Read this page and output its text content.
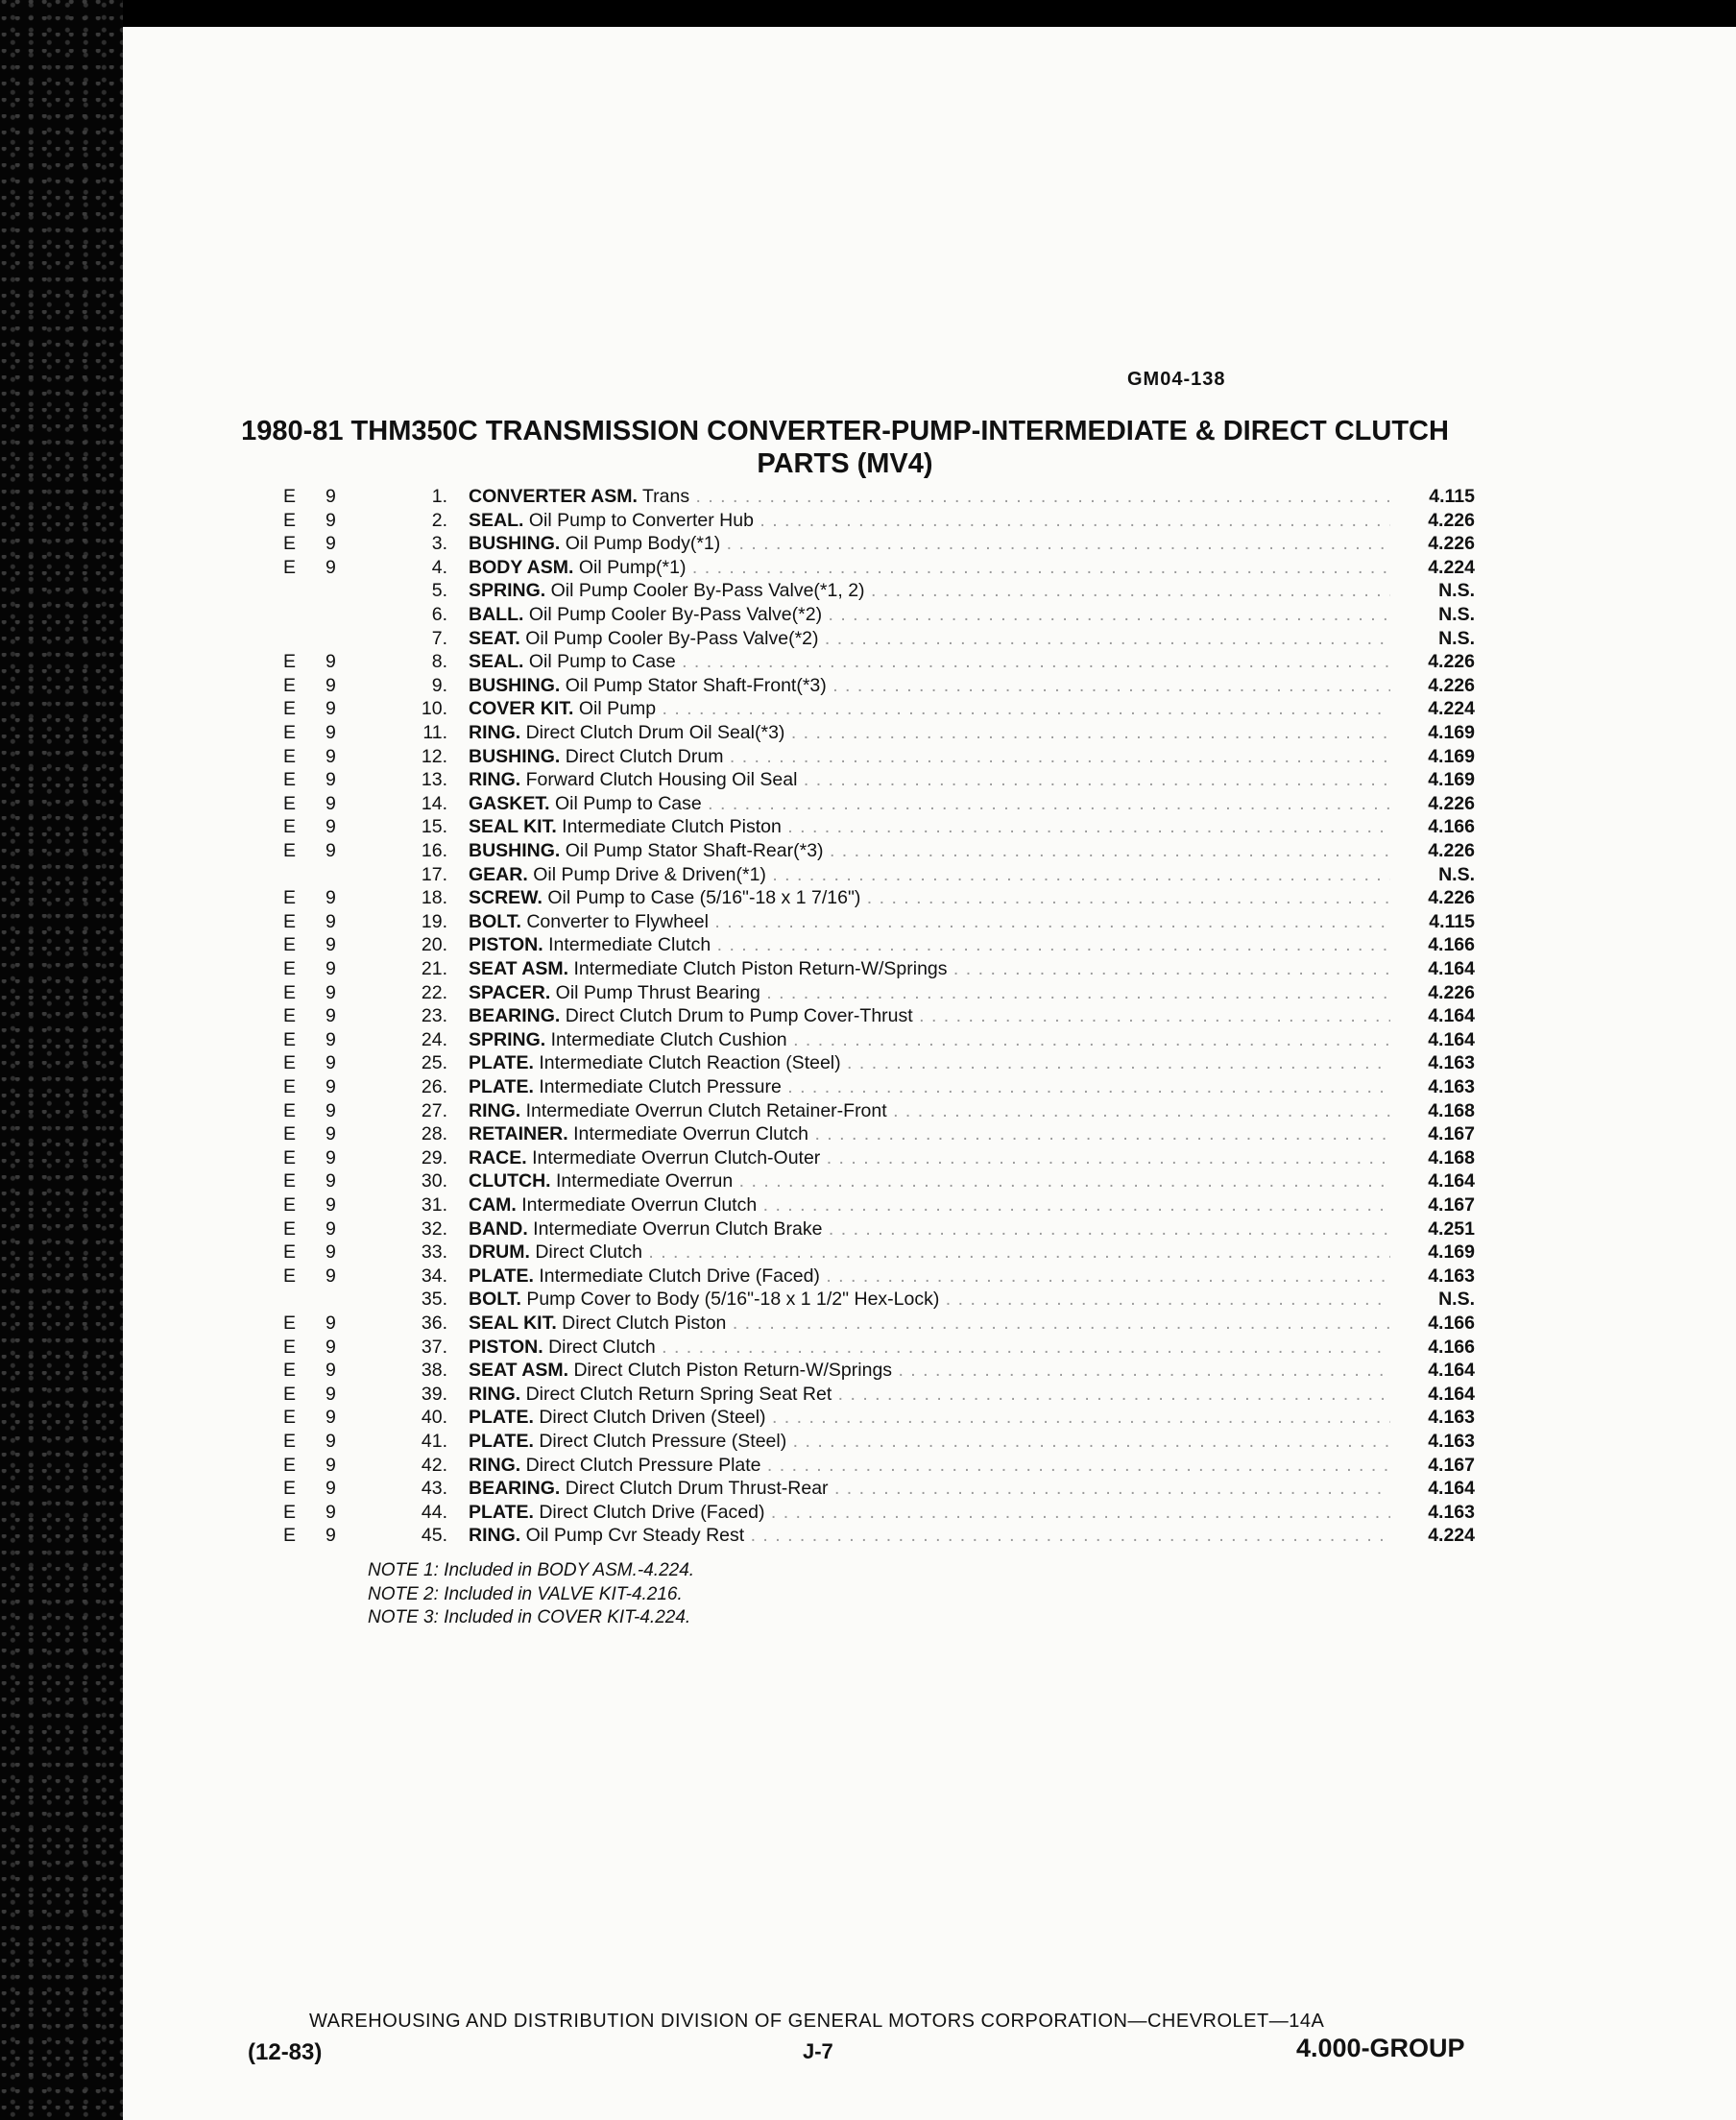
GM04-138
1980-81 THM350C TRANSMISSION CONVERTER-PUMP-INTERMEDIATE & DIRECT CLUTCH
PARTS (MV4)
E 9	1. CONVERTER ASM. Trans . . .	4.115
E 9	2. SEAL. Oil Pump to Converter Hub . . .	4.226
E 9	3. BUSHING. Oil Pump Body(*1) . . .	4.226
E 9	4. BODY ASM. Oil Pump(*1) . . .	4.224
5. SPRING. Oil Pump Cooler By-Pass Valve(*1, 2) . . .	N.S.
6. BALL. Oil Pump Cooler By-Pass Valve(*2) . . .	N.S.
7. SEAT. Oil Pump Cooler By-Pass Valve(*2) . . .	N.S.
E 9	8. SEAL. Oil Pump to Case . . .	4.226
E 9	9. BUSHING. Oil Pump Stator Shaft-Front(*3) . . .	4.226
E 9	10. COVER KIT. Oil Pump . . .	4.224
E 9	11. RING. Direct Clutch Drum Oil Seal(*3) . . .	4.169
E 9	12. BUSHING. Direct Clutch Drum . . .	4.169
E 9	13. RING. Forward Clutch Housing Oil Seal . . .	4.169
E 9	14. GASKET. Oil Pump to Case . . .	4.226
E 9	15. SEAL KIT. Intermediate Clutch Piston . . .	4.166
E 9	16. BUSHING. Oil Pump Stator Shaft-Rear(*3) . . .	4.226
17. GEAR. Oil Pump Drive & Driven(*1) . . .	N.S.
E 9	18. SCREW. Oil Pump to Case (5/16"-18 x 1 7/16") . . .	4.226
E 9	19. BOLT. Converter to Flywheel . . .	4.115
E 9	20. PISTON. Intermediate Clutch . . .	4.166
E 9	21. SEAT ASM. Intermediate Clutch Piston Return-W/Springs . . .	4.164
E 9	22. SPACER. Oil Pump Thrust Bearing . . .	4.226
E 9	23. BEARING. Direct Clutch Drum to Pump Cover-Thrust . . .	4.164
E 9	24. SPRING. Intermediate Clutch Cushion . . .	4.164
E 9	25. PLATE. Intermediate Clutch Reaction (Steel) . . .	4.163
E 9	26. PLATE. Intermediate Clutch Pressure . . .	4.163
E 9	27. RING. Intermediate Overrun Clutch Retainer-Front . . .	4.168
E 9	28. RETAINER. Intermediate Overrun Clutch . . .	4.167
E 9	29. RACE. Intermediate Overrun Clutch-Outer . . .	4.168
E 9	30. CLUTCH. Intermediate Overrun . . .	4.164
E 9	31. CAM. Intermediate Overrun Clutch . . .	4.167
E 9	32. BAND. Intermediate Overrun Clutch Brake . . .	4.251
E 9	33. DRUM. Direct Clutch . . .	4.169
E 9	34. PLATE. Intermediate Clutch Drive (Faced) . . .	4.163
35. BOLT. Pump Cover to Body (5/16"-18 x 1 1/2" Hex-Lock) . . .	N.S.
E 9	36. SEAL KIT. Direct Clutch Piston . . .	4.166
E 9	37. PISTON. Direct Clutch . . .	4.166
E 9	38. SEAT ASM. Direct Clutch Piston Return-W/Springs . . .	4.164
E 9	39. RING. Direct Clutch Return Spring Seat Ret . . .	4.164
E 9	40. PLATE. Direct Clutch Driven (Steel) . . .	4.163
E 9	41. PLATE. Direct Clutch Pressure (Steel) . . .	4.163
E 9	42. RING. Direct Clutch Pressure Plate . . .	4.167
E 9	43. BEARING. Direct Clutch Drum Thrust-Rear . . .	4.164
E 9	44. PLATE. Direct Clutch Drive (Faced) . . .	4.163
E 9	45. RING. Oil Pump Cvr Steady Rest . . .	4.224
NOTE 1: Included in BODY ASM.-4.224.
NOTE 2: Included in VALVE KIT-4.216.
NOTE 3: Included in COVER KIT-4.224.
WAREHOUSING AND DISTRIBUTION DIVISION OF GENERAL MOTORS CORPORATION—CHEVROLET—14A
(12-83)	J-7	4.000-GROUP
